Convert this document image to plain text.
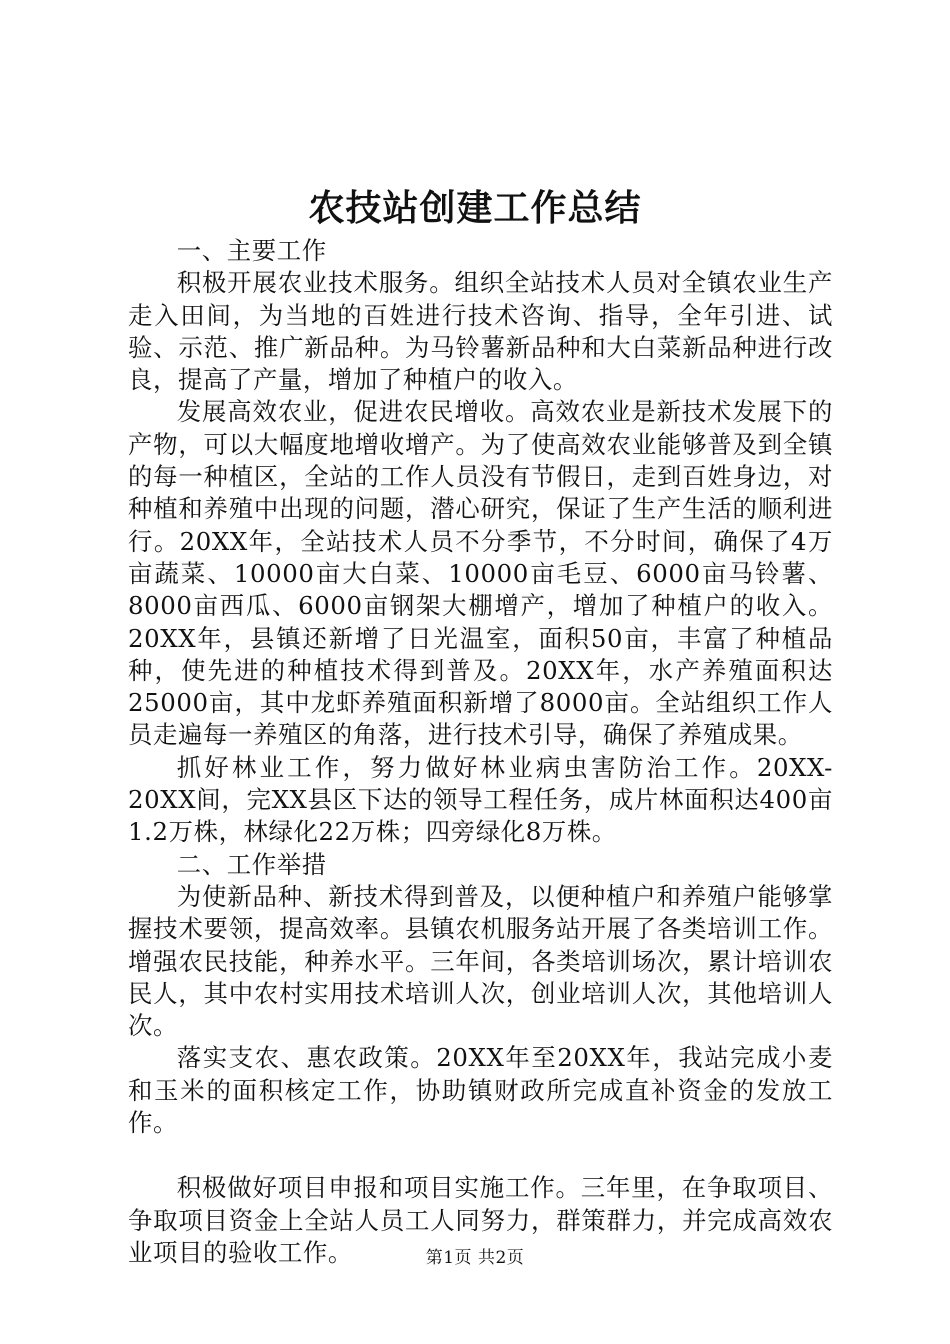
农技站创建工作总结

一、主要工作

积极开展农业技术服务。组织全站技术人员对全镇农业生产走入田间，为当地的百姓进行技术咨询、指导，全年引进、试验、示范、推广新品种。为马铃薯新品种和大白菜新品种进行改良，提高了产量，增加了种植户的收入。

发展高效农业，促进农民增收。高效农业是新技术发展下的产物，可以大幅度地增收增产。为了使高效农业能够普及到全镇的每一种植区，全站的工作人员没有节假日，走到百姓身边，对种植和养殖中出现的问题，潜心研究，保证了生产生活的顺利进行。20XX年，全站技术人员不分季节，不分时间，确保了4万亩蔬菜、10000亩大白菜、10000亩毛豆、6000亩马铃薯、8000亩西瓜、6000亩钢架大棚增产，增加了种植户的收入。20XX年，县镇还新增了日光温室，面积50亩，丰富了种植品种，使先进的种植技术得到普及。20XX年，水产养殖面积达25000亩，其中龙虾养殖面积新增了8000亩。全站组织工作人员走遍每一养殖区的角落，进行技术引导，确保了养殖成果。

抓好林业工作，努力做好林业病虫害防治工作。20XX-20XX间，完XX县区下达的领导工程任务，成片林面积达400亩1.2万株，林绿化22万株；四旁绿化8万株。

二、工作举措

为使新品种、新技术得到普及，以便种植户和养殖户能够掌握技术要领，提高效率。县镇农机服务站开展了各类培训工作。增强农民技能，种养水平。三年间，各类培训场次，累计培训农民人，其中农村实用技术培训人次，创业培训人次，其他培训人次。

落实支农、惠农政策。20XX年至20XX年，我站完成小麦和玉米的面积核定工作，协助镇财政所完成直补资金的发放工作。

积极做好项目申报和项目实施工作。三年里，在争取项目、争取项目资金上全站人员工人同努力，群策群力，并完成高效农业项目的验收工作。	第1页 共2页
